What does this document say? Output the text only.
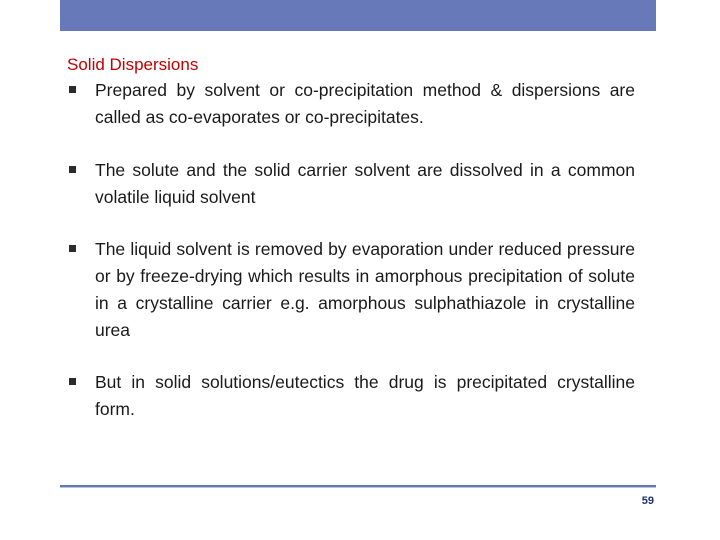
Solid Dispersions
Prepared by solvent or co-precipitation method & dispersions are called as co-evaporates or co-precipitates.
The solute and the solid carrier solvent are dissolved in a common volatile liquid solvent
The liquid solvent is removed by evaporation under reduced pressure or by freeze-drying which results in amorphous precipitation of solute in a crystalline carrier e.g. amorphous sulphathiazole in crystalline urea
But in solid solutions/eutectics the drug is precipitated crystalline form.
59
